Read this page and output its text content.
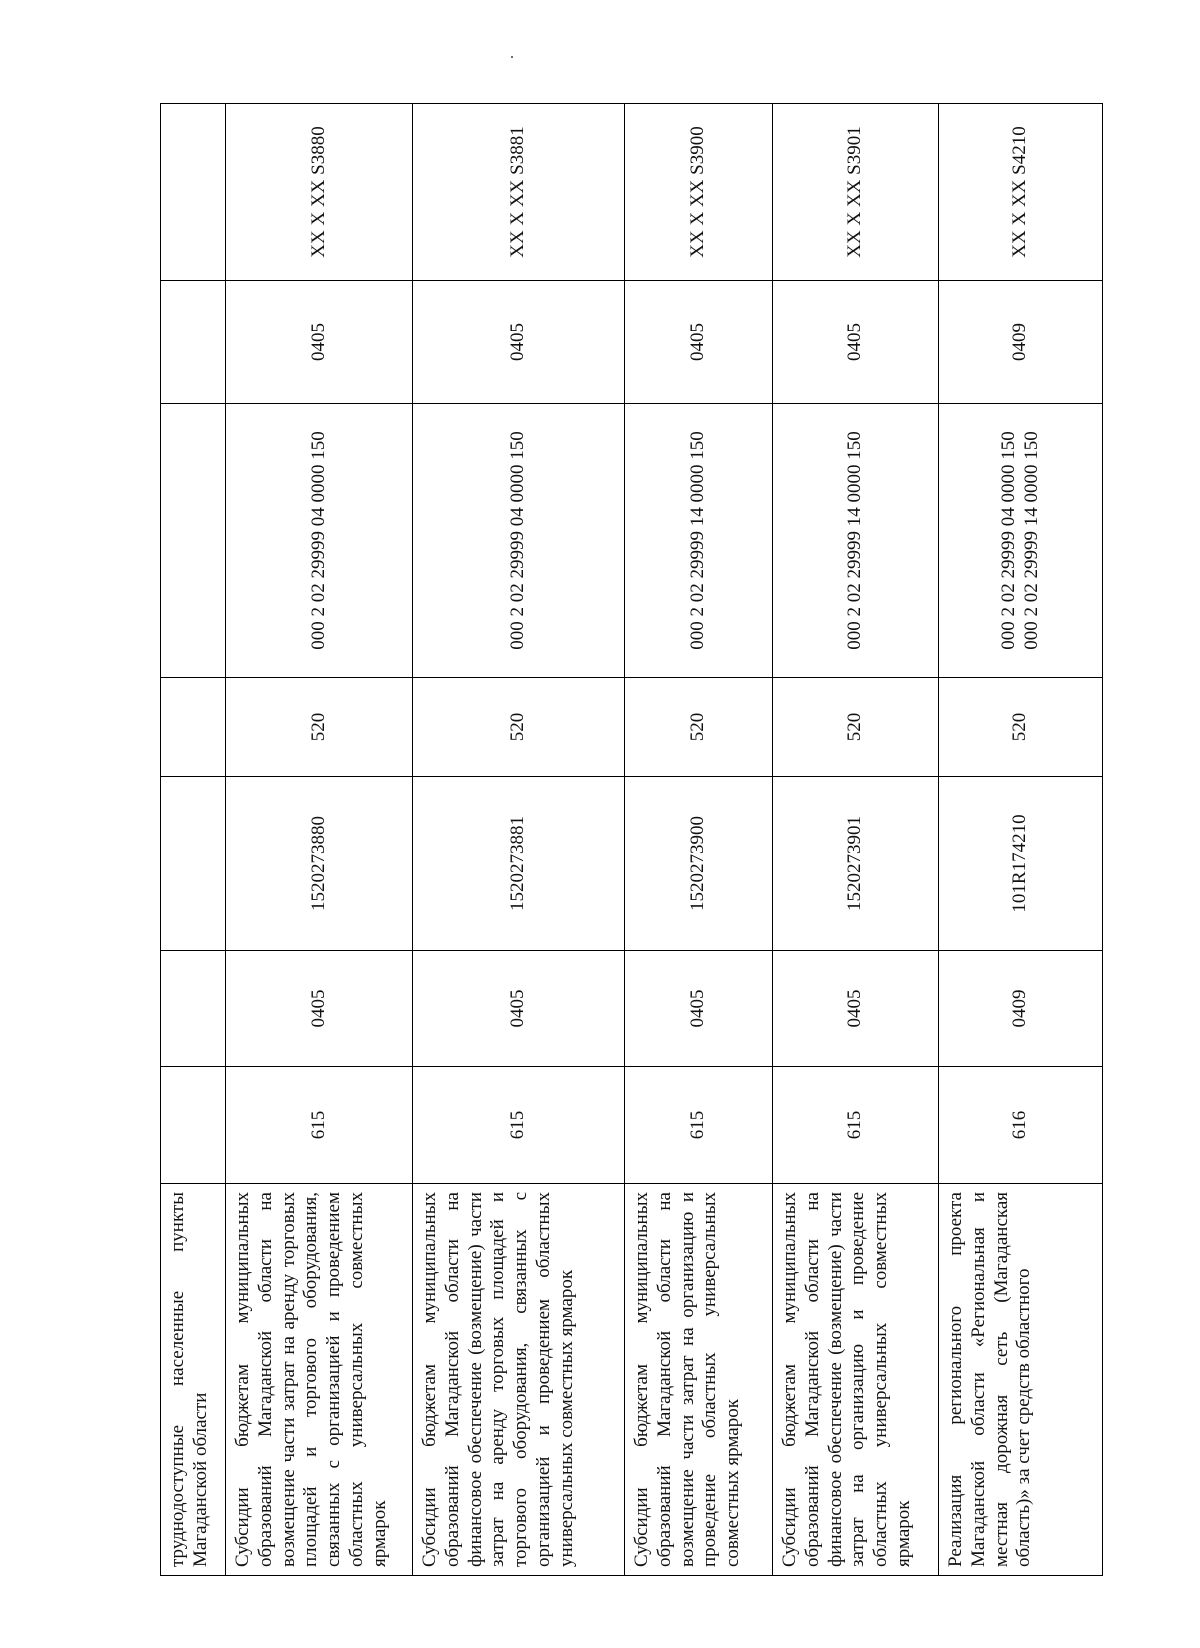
труднодоступные населенные пункты Магаданской области							
Субсидии бюджетам муниципальных образований Магаданской области на возмещение части затрат на аренду торговых площадей и торгового оборудования, связанных с организацией и проведением областных универсальных совместных ярмарок	615	0405	1520273880	520	000 2 02 29999 04 0000 150	0405	XX X XX S3880
Субсидии бюджетам муниципальных образований Магаданской области на финансовое обеспечение (возмещение) части затрат на аренду торговых площадей и торгового оборудования, связанных с организацией и проведением областных универсальных совместных ярмарок	615	0405	1520273881	520	000 2 02 29999 04 0000 150	0405	XX X XX S3881
Субсидии бюджетам муниципальных образований Магаданской области на возмещение части затрат на организацию и проведение областных универсальных совместных ярмарок	615	0405	1520273900	520	000 2 02 29999 14 0000 150	0405	XX X XX S3900
Субсидии бюджетам муниципальных образований Магаданской области на финансовое обеспечение (возмещение) части затрат на организацию и проведение областных универсальных совместных ярмарок	615	0405	1520273901	520	000 2 02 29999 14 0000 150	0405	XX X XX S3901
Реализация регионального проекта Магаданской области «Региональная и местная дорожная сеть (Магаданская область)» за счет средств областного	616	0409	101R174210	520	000 2 02 29999 04 0000 150 000 2 02 29999 14 0000 150	0409	XX X XX S4210
